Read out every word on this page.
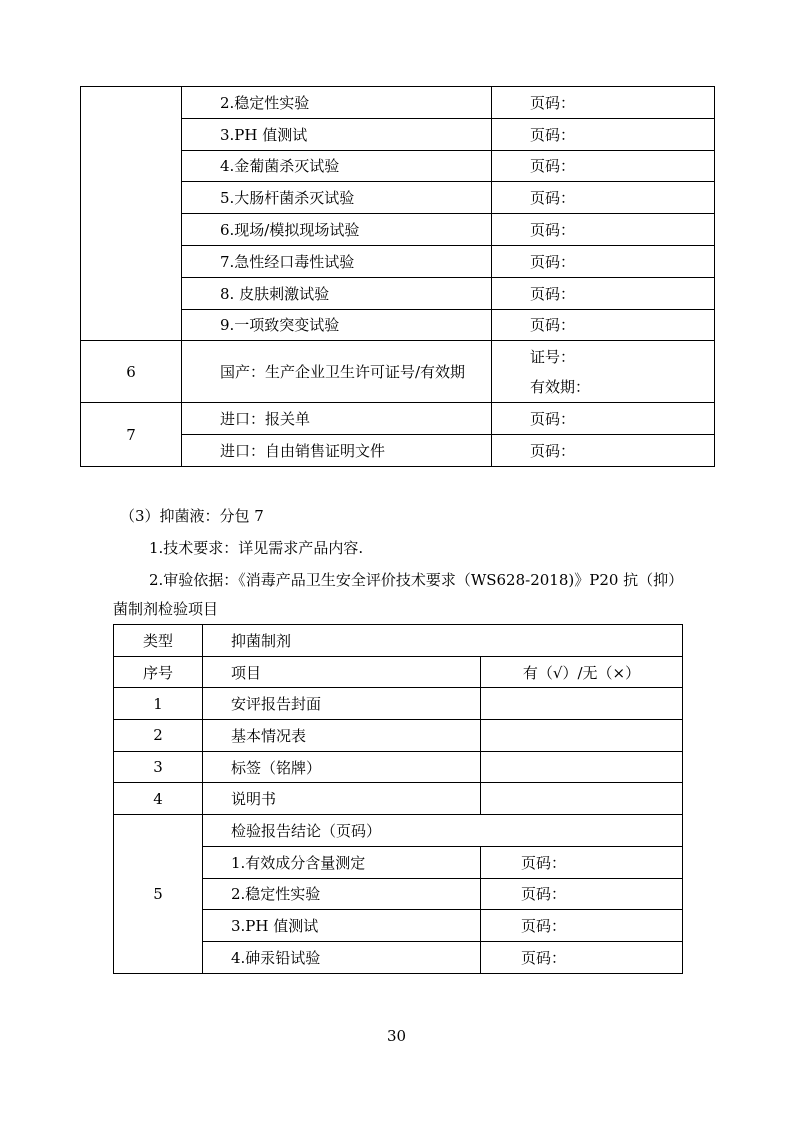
	2.稳定性实验	页码：
	3.PH 值测试	页码：
	4.金葡菌杀灭试验	页码：
	5.大肠杆菌杀灭试验	页码：
	6.现场/模拟现场试验	页码：
	7.急性经口毒性试验	页码：
	8. 皮肤刺激试验	页码：
	9.一项致突变试验	页码：
6	国产：生产企业卫生许可证号/有效期	证号：
有效期：

7	进口：报关单	页码：
	进口：自由销售证明文件	页码：
（3）抑菌液：分包 7
1.技术要求：详见需求产品内容.
2.审验依据：《消毒产品卫生安全评价技术要求（WS628-2018)》P20 抗（抑）
菌制剂检验项目
类型	抑菌制剂	
序号	项目	有（√）/无（×）
1	安评报告封面	
2	基本情况表	
3	标签（铭牌）	
4	说明书	
5	检验报告结论（页码）	
	1.有效成分含量测定	页码：
	2.稳定性实验	页码：
	3.PH 值测试	页码：
	4.砷汞铅试验	页码：
30
